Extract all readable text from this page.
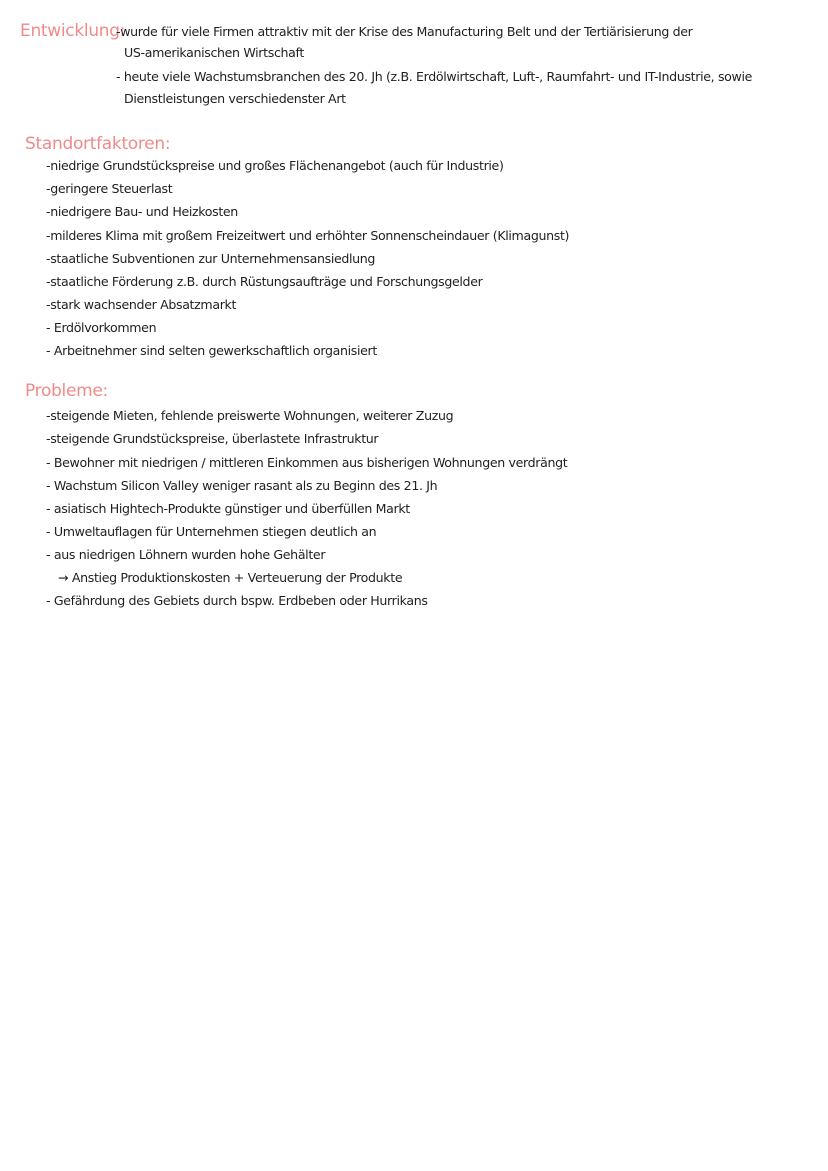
Entwicklung:
-wurde für viele Firmen attraktiv mit der Krise des Manufacturing Belt und der Tertiärisierung der
US-amerikanischen Wirtschaft
- heute viele Wachstumsbranchen des 20. Jh (z.B. Erdölwirtschaft, Luft-, Raumfahrt- und IT-Industrie, sowie
Dienstleistungen verschiedenster Art
Standortfaktoren:
-niedrige Grundstückspreise und großes Flächenangebot (auch für Industrie)
-geringere Steuerlast
-niedrigere Bau- und Heizkosten
-milderes Klima mit großem Freizeitwert und erhöhter Sonnenscheindauer (Klimagunst)
-staatliche Subventionen zur Unternehmensansiedlung
-staatliche Förderung z.B. durch Rüstungsaufträge und Forschungsgelder
-stark wachsender Absatzmarkt
- Erdölvorkommen
- Arbeitnehmer sind selten gewerkschaftlich organisiert
Probleme:
-steigende Mieten, fehlende preiswerte Wohnungen, weiterer Zuzug
-steigende Grundstückspreise, überlastete Infrastruktur
- Bewohner mit niedrigen / mittleren Einkommen aus bisherigen Wohnungen verdrängt
- Wachstum Silicon Valley weniger rasant als zu Beginn des 21. Jh
- asiatisch Hightech-Produkte günstiger und überfüllen Markt
- Umweltauflagen für Unternehmen stiegen deutlich an
- aus niedrigen Löhnern wurden hohe Gehälter
→ Anstieg Produktionskosten + Verteuerung der Produkte
- Gefährdung des Gebiets durch bspw. Erdbeben oder Hurrikans
